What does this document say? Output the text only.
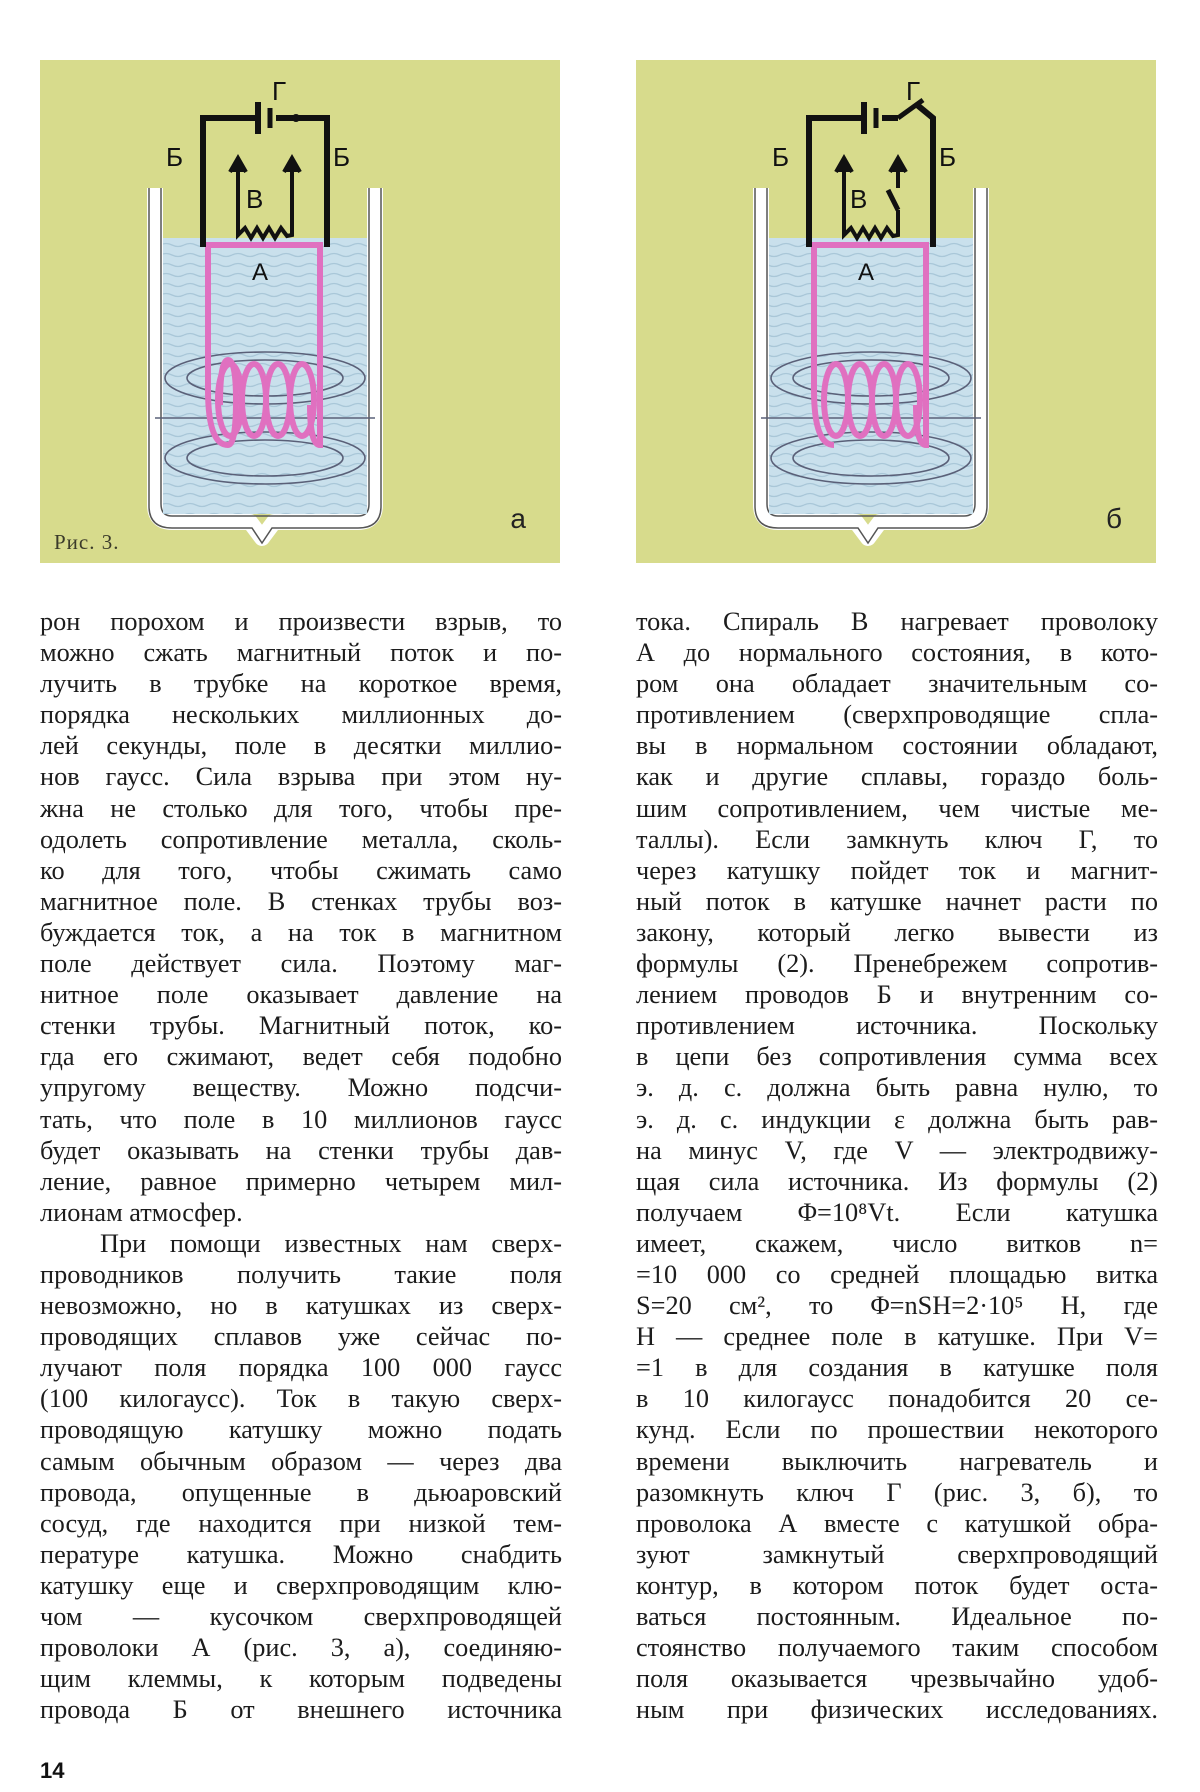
Г
Б	Б
В
А
Рис. 3.
а
Г
Б	Б
В
А
б
рон порохом и произвести взрыв, то
можно сжать магнитный поток и по-
лучить в трубке на короткое время,
порядка нескольких миллионных до-
лей секунды, поле в десятки миллио-
нов гаусс. Сила взрыва при этом ну-
жна не столько для того, чтобы пре-
одолеть сопротивление металла, сколь-
ко для того, чтобы сжимать само
магнитное поле. В стенках трубы воз-
буждается ток, а на ток в магнитном
поле действует сила. Поэтому маг-
нитное поле оказывает давление на
стенки трубы. Магнитный поток, ко-
гда его сжимают, ведет себя подобно
упругому веществу. Можно подсчи-
тать, что поле в 10 миллионов гаусс
будет оказывать на стенки трубы дав-
ление, равное примерно четырем мил-
лионам атмосфер.
При помощи известных нам сверх-
проводников получить такие поля
невозможно, но в катушках из сверх-
проводящих сплавов уже сейчас по-
лучают поля порядка 100 000 гаусс
(100 килогаусс). Ток в такую сверх-
проводящую катушку можно подать
самым обычным образом — через два
провода, опущенные в дьюаровский
сосуд, где находится при низкой тем-
пературе катушка. Можно снабдить
катушку еще и сверхпроводящим клю-
чом — кусочком сверхпроводящей
проволоки А (рис. 3, а), соединяю-
щим клеммы, к которым подведены
провода Б от внешнего источника
тока. Спираль В нагревает проволоку
А до нормального состояния, в кото-
ром она обладает значительным со-
противлением (сверхпроводящие спла-
вы в нормальном состоянии обладают,
как и другие сплавы, гораздо боль-
шим сопротивлением, чем чистые ме-
таллы). Если замкнуть ключ Г, то
через катушку пойдет ток и магнит-
ный поток в катушке начнет расти по
закону, который легко вывести из
формулы (2). Пренебрежем сопротив-
лением проводов Б и внутренним со-
противлением источника. Поскольку
в цепи без сопротивления сумма всех
э. д. с. должна быть равна нулю, то
э. д. с. индукции ε должна быть рав-
на минус V, где V — электродвижу-
щая сила источника. Из формулы (2)
получаем Φ=10⁸Vt. Если катушка
имеет, скажем, число витков n=
=10 000 со средней площадью витка
S=20 см², то Φ=nSH=2·10⁵ H, где
H — среднее поле в катушке. При V=
=1 в для создания в катушке поля
в 10 килогаусс понадобится 20 се-
кунд. Если по прошествии некоторого
времени выключить нагреватель и
разомкнуть ключ Г (рис. 3, б), то
проволока А вместе с катушкой обра-
зуют замкнутый сверхпроводящий
контур, в котором поток будет оста-
ваться постоянным. Идеальное по-
стоянство получаемого таким способом
поля оказывается чрезвычайно удоб-
ным при физических исследованиях.
14
